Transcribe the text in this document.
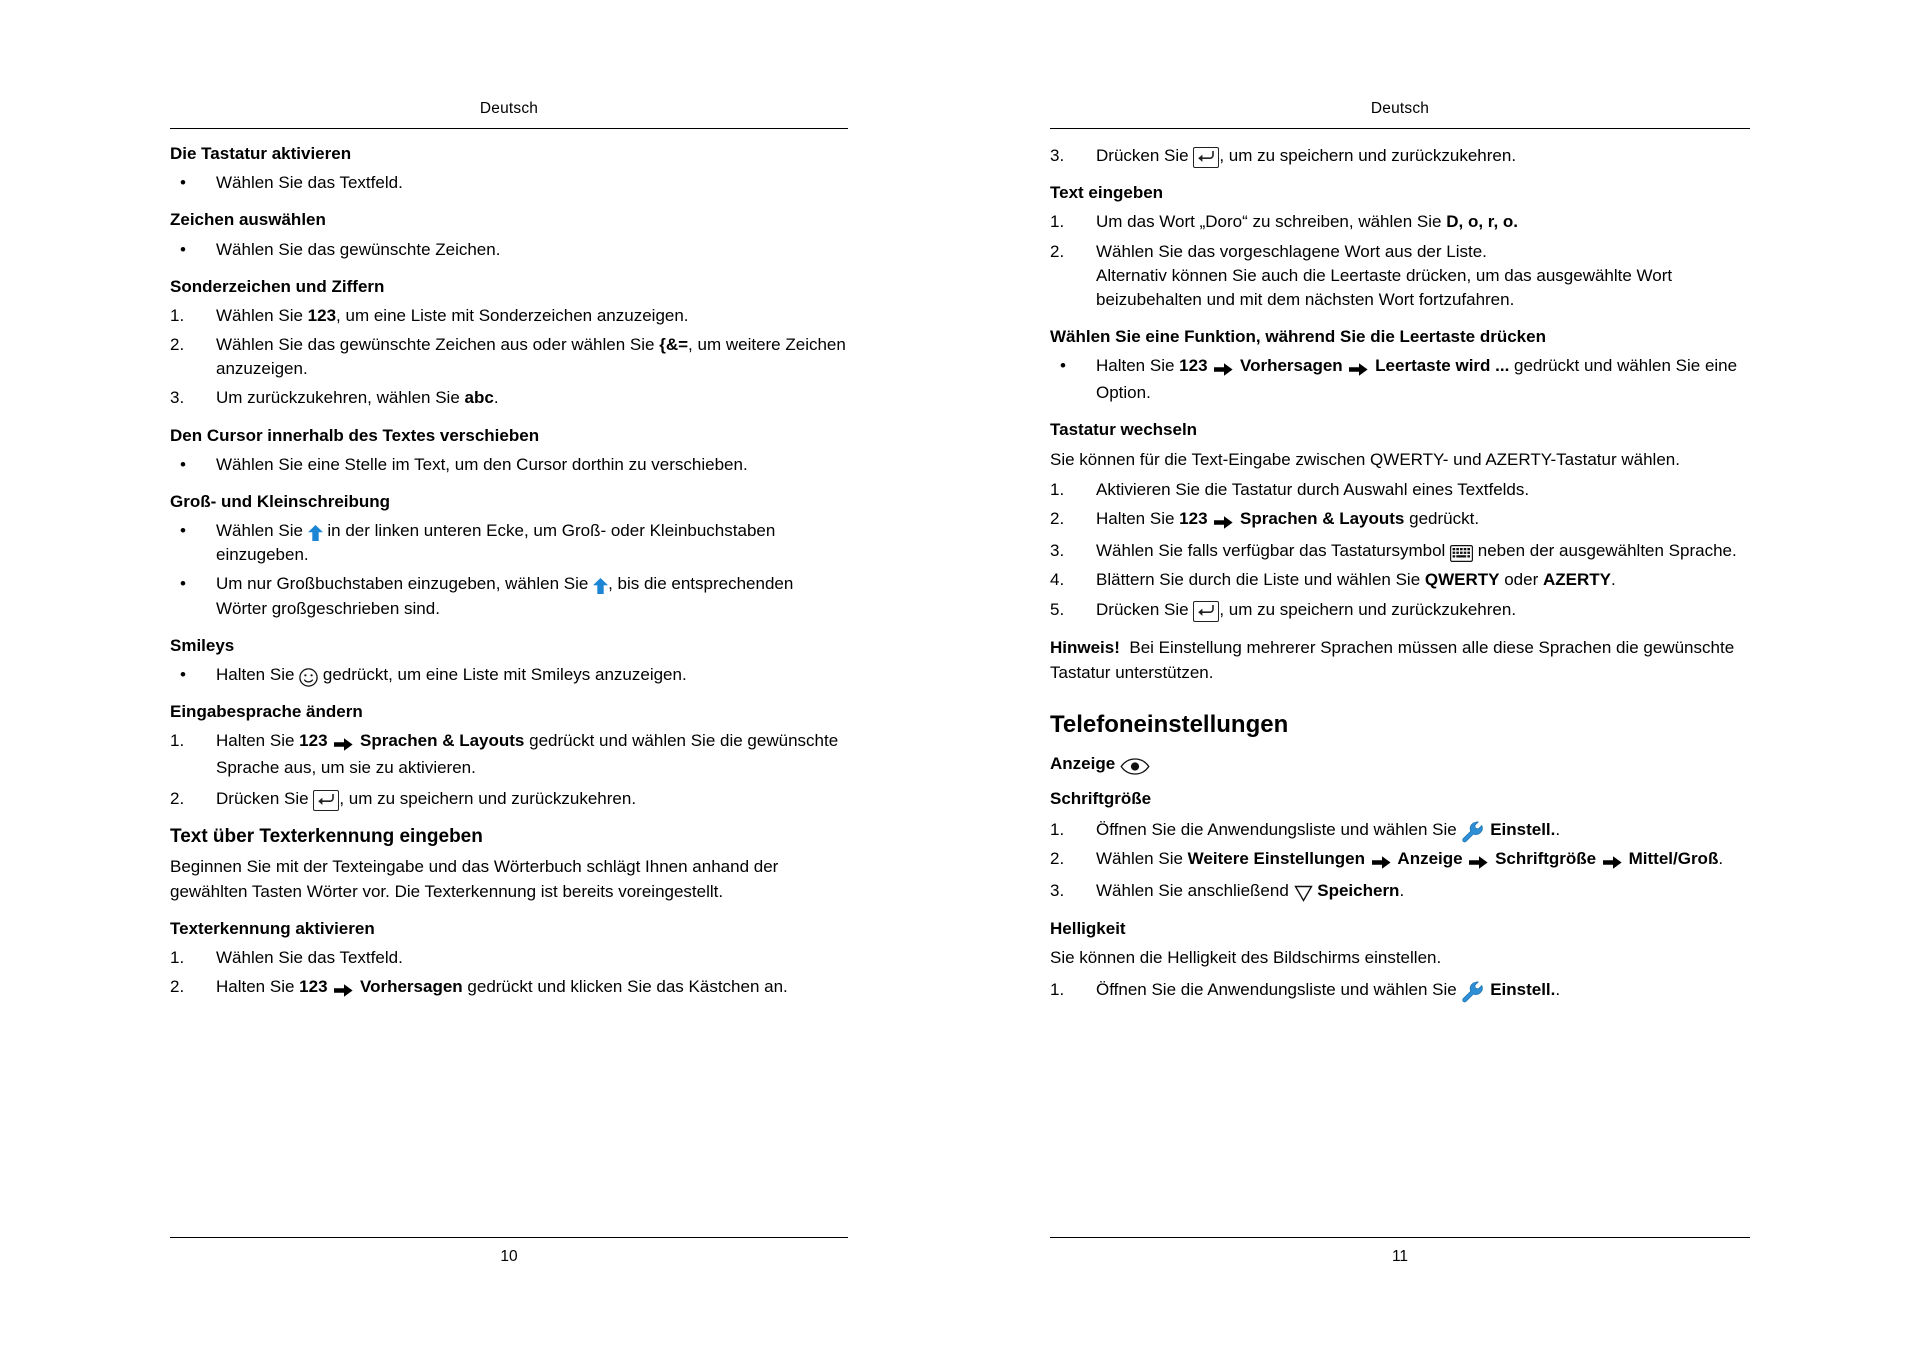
Deutsch
Die Tastatur aktivieren
•	Wählen Sie das Textfeld.
Zeichen auswählen
•	Wählen Sie das gewünschte Zeichen.
Sonderzeichen und Ziffern
1.	Wählen Sie 123, um eine Liste mit Sonderzeichen anzuzeigen.
2.	Wählen Sie das gewünschte Zeichen aus oder wählen Sie {&=, um weitere Zeichen anzuzeigen.
3.	Um zurückzukehren, wählen Sie abc.
Den Cursor innerhalb des Textes verschieben
•	Wählen Sie eine Stelle im Text, um den Cursor dorthin zu verschieben.
Groß- und Kleinschreibung
•	Wählen Sie  in der linken unteren Ecke, um Groß- oder Kleinbuchstaben einzugeben.
•	Um nur Großbuchstaben einzugeben, wählen Sie , bis die entsprechenden Wörter großgeschrieben sind.
Smileys
•	Halten Sie  gedrückt, um eine Liste mit Smileys anzuzeigen.
Eingabesprache ändern
1.	Halten Sie 123 Sprachen & Layouts gedrückt und wählen Sie die gewünschte Sprache aus, um sie zu aktivieren.
2.	Drücken Sie
, um zu speichern und zurückzukehren.
Text über Texterkennung eingeben

Beginnen Sie mit der Texteingabe und das Wörterbuch schlägt Ihnen anhand der gewählten Tasten Wörter vor. Die Texterkennung ist bereits voreingestellt.

Texterkennung aktivieren
1.	Wählen Sie das Textfeld.
2.	Halten Sie 123 Vorhersagen gedrückt und klicken Sie das Kästchen an.
10
Deutsch
3.	Drücken Sie
, um zu speichern und zurückzukehren.
Text eingeben
1.	Um das Wort „Doro“ zu schreiben, wählen Sie D, o, r, o.
2.	Wählen Sie das vorgeschlagene Wort aus der Liste.
Alternativ können Sie auch die Leertaste drücken, um das ausgewählte Wort beizubehalten und mit dem nächsten Wort fortzufahren.
Wählen Sie eine Funktion, während Sie die Leertaste drücken
•	Halten Sie 123 Vorhersagen Leertaste wird ... gedrückt und wählen Sie eine Option.
Tastatur wechseln

Sie können für die Text-Eingabe zwischen QWERTY- und AZERTY-Tastatur wählen.

1.	Aktivieren Sie die Tastatur durch Auswahl eines Textfelds.
2.	Halten Sie 123 Sprachen & Layouts gedrückt.
3.	Wählen Sie falls verfügbar das Tastatursymbol  neben der ausgewählten Sprache.
4.	Blättern Sie durch die Liste und wählen Sie QWERTY oder AZERTY.
5.	Drücken Sie
, um zu speichern und zurückzukehren.

Hinweis!  Bei Einstellung mehrerer Sprachen müssen alle diese Sprachen die gewünschte Tastatur unterstützen.

Telefoneinstellungen
Anzeige
Schriftgröße
1.	Öffnen Sie die Anwendungsliste und wählen Sie  Einstell..
2.	Wählen Sie Weitere Einstellungen Anzeige Schriftgröße Mittel/Groß.
3.	Wählen Sie anschließend  Speichern.
Helligkeit

Sie können die Helligkeit des Bildschirms einstellen.

1.	Öffnen Sie die Anwendungsliste und wählen Sie  Einstell..
11
